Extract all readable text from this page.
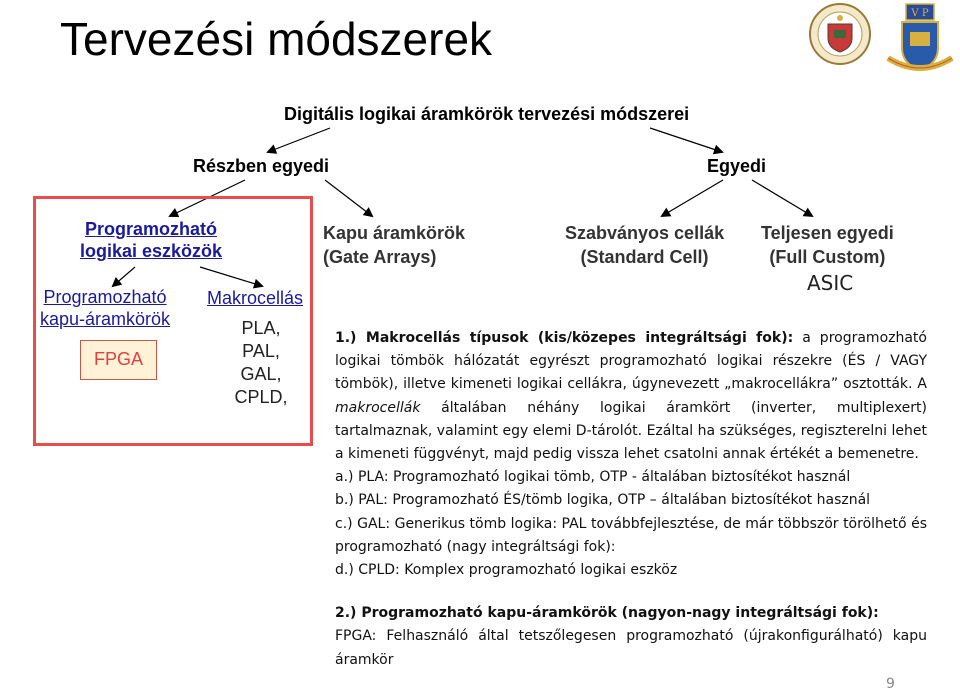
Tervezési módszerek	V P
Digitális logikai áramkörök tervezési módszerei
Részben egyedi	Egyedi
Programozható
logikai eszközök
Programozható
kapu-áramkörök
Makrocellás
FPGA
PLA,
PAL,
GAL,
CPLD,
Kapu áramkörök
(Gate Arrays)
Szabványos cellák
(Standard Cell)
Teljesen egyedi
(Full Custom)
ASIC

1.) Makrocellás típusok (kis/közepes integráltsági fok): a programozható logikai tömbök hálózatát egyrészt programozható logikai részekre (ÉS / VAGY tömbök), illetve kimeneti logikai cellákra, úgynevezett „makrocellákra” osztották. A makrocellák általában néhány logikai áramkört (inverter, multiplexert) tartalmaznak, valamint egy elemi D-tárolót. Ezáltal ha szükséges, regiszterelni lehet a kimeneti függvényt, majd pedig vissza lehet csatolni annak értékét a bemenetre.

a.) PLA: Programozható logikai tömb, OTP - általában biztosítékot használ

b.) PAL: Programozható ÉS/tömb logika, OTP – általában biztosítékot használ

c.) GAL: Generikus tömb logika: PAL továbbfejlesztése, de már többször törölhető és programozható (nagy integráltsági fok):

d.) CPLD: Komplex programozható logikai eszköz

2.) Programozható kapu-áramkörök (nagyon-nagy integráltsági fok):

FPGA: Felhasználó által tetszőlegesen programozható (újrakonfigurálható) kapu áramkör

9
